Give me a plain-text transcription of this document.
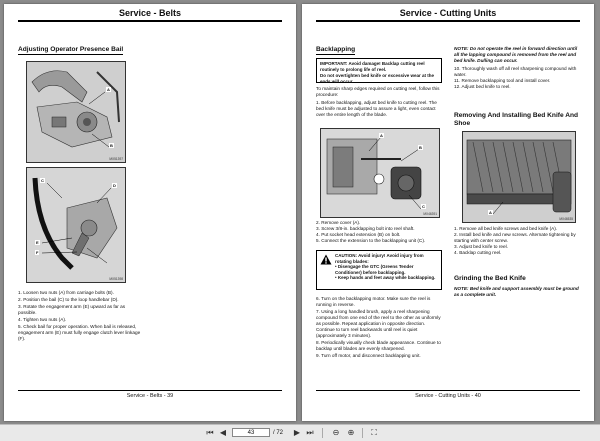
Service - Belts
Adjusting Operator Presence Bail
A
B
MX51397
C
D
E
F
MX51398
1. Loosen two nuts (A) from carriage bolts (B).
2. Position the bail (C) to the loop handlebar (D).
3. Rotate the engagement arm (E) upward as far as possible.
4. Tighten two nuts (A).
5. Check bail for proper operation. When bail is released, engagement arm (E) must fully engage clutch lever linkage (F).
Service - Belts - 39
Service - Cutting Units
Backlapping
IMPORTANT: Avoid damage! Backlap cutting reel routinely to prolong life of reel.
Do not overtighten bed knife or excessive wear at the ends will occur.
To maintain sharp edges required on cutting reel, follow this procedure:
1. Before backlapping, adjust bed knife to cutting reel. The bed knife must be adjusted to assure a light, even contact over the entire length of the blade.
A
B
C
MX46391
2. Remove cover (A).
3. Screw 3/8-in. backlapping bolt into reel shaft.
4. Put socket head extension (B) on bolt.
5. Connect the extension to the backlapping unit (C).
CAUTION: Avoid injury! Avoid injury from rotating blades:
• Disengage the GTC (Greens Tender Conditioner) before backlapping.
• Keep hands and feet away while backlapping.
6. Turn on the backlapping motor. Make sure the reel is running in reverse.
7. Using a long handled brush, apply a reel sharpening compound from one end of the reel to the other as uniformly as possible. Repeat application in opposite direction. Continue to turn reel backwards until reel is quiet (approximately 3 minutes).
8. Periodically visually check blade appearance. Continue to backlap until blades are evenly sharpened.
9. Turn off motor, and disconnect backlapping unit.
NOTE: Do not operate the reel in forward direction until all the lapping compound is removed from the reel and bed knife. Dulling can occur.
10. Thoroughly wash off all reel sharpening compound with water.
11. Remove backlapping tool and install cover.
12. Adjust bed knife to reel.
Removing And Installing Bed Knife And Shoe
A
MX46535
1. Remove all bed knife screws and bed knife (A).
2. Install bed knife and new screws. Alternate tightening by starting with center screw.
3. Adjust bed knife to reel.
4. Backlap cutting reel.
Grinding the Bed Knife
NOTE: Bed knife and support assembly must be ground as a complete unit.
Service - Cutting Units - 40
⏮ ◀	43	/ 72 ▶ ⏭	⊖	⊕	⛶
